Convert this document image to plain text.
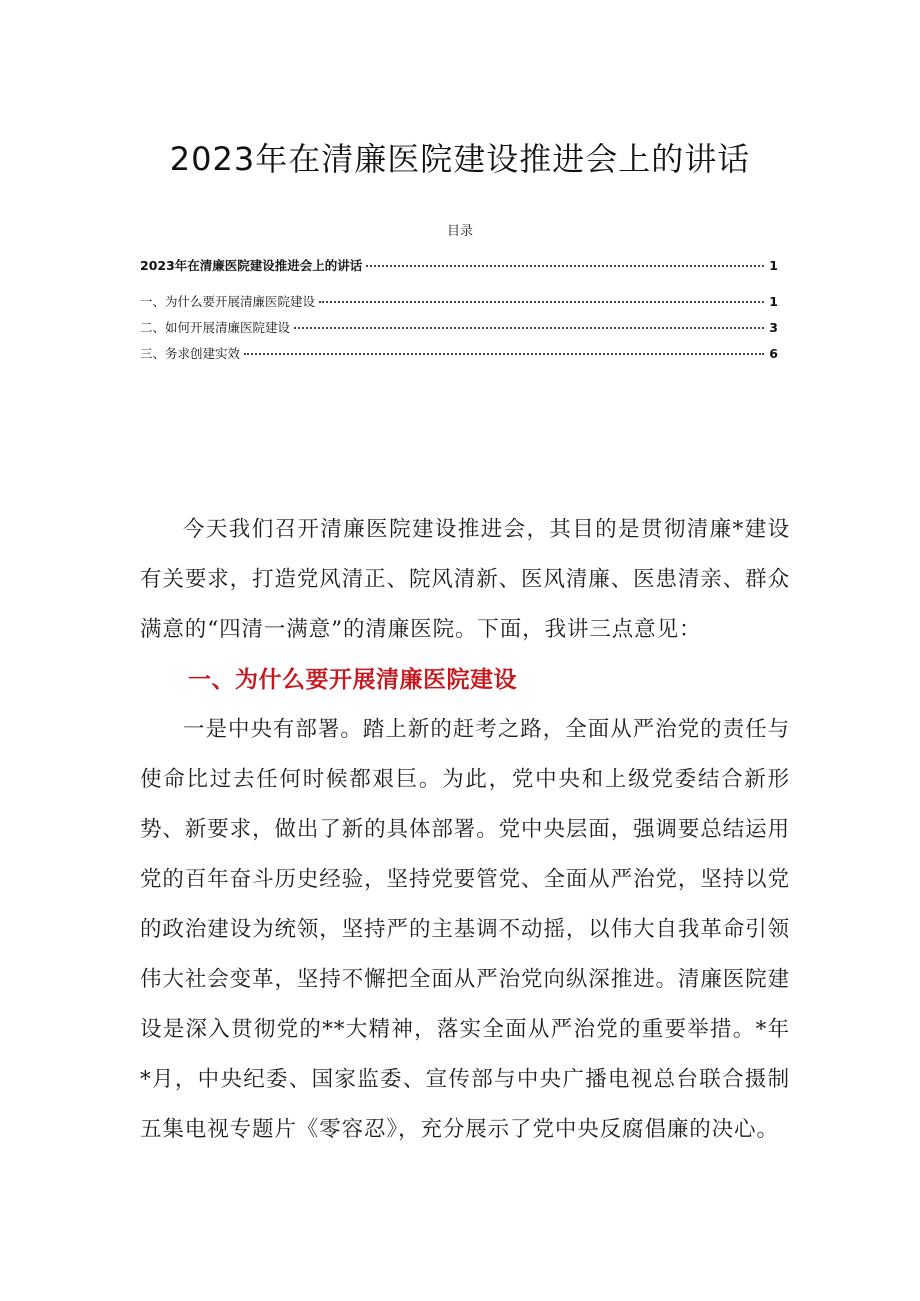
2023年在清廉医院建设推进会上的讲话
目录
2023年在清廉医院建设推进会上的讲话	1
一、为什么要开展清廉医院建设	1
二、如何开展清廉医院建设	3
三、务求创建实效	6

今天我们召开清廉医院建设推进会，其目的是贯彻清廉*建设有关要求，打造党风清正、院风清新、医风清廉、医患清亲、群众满意的“四清一满意”的清廉医院。下面，我讲三点意见：

一、为什么要开展清廉医院建设

一是中央有部署。踏上新的赶考之路，全面从严治党的责任与使命比过去任何时候都艰巨。为此，党中央和上级党委结合新形势、新要求，做出了新的具体部署。党中央层面，强调要总结运用党的百年奋斗历史经验，坚持党要管党、全面从严治党，坚持以党的政治建设为统领，坚持严的主基调不动摇，以伟大自我革命引领伟大社会变革，坚持不懈把全面从严治党向纵深推进。清廉医院建设是深入贯彻党的**大精神，落实全面从严治党的重要举措。*年*月，中央纪委、国家监委、宣传部与中央广播电视总台联合摄制五集电视专题片《零容忍》，充分展示了党中央反腐倡廉的决心。
